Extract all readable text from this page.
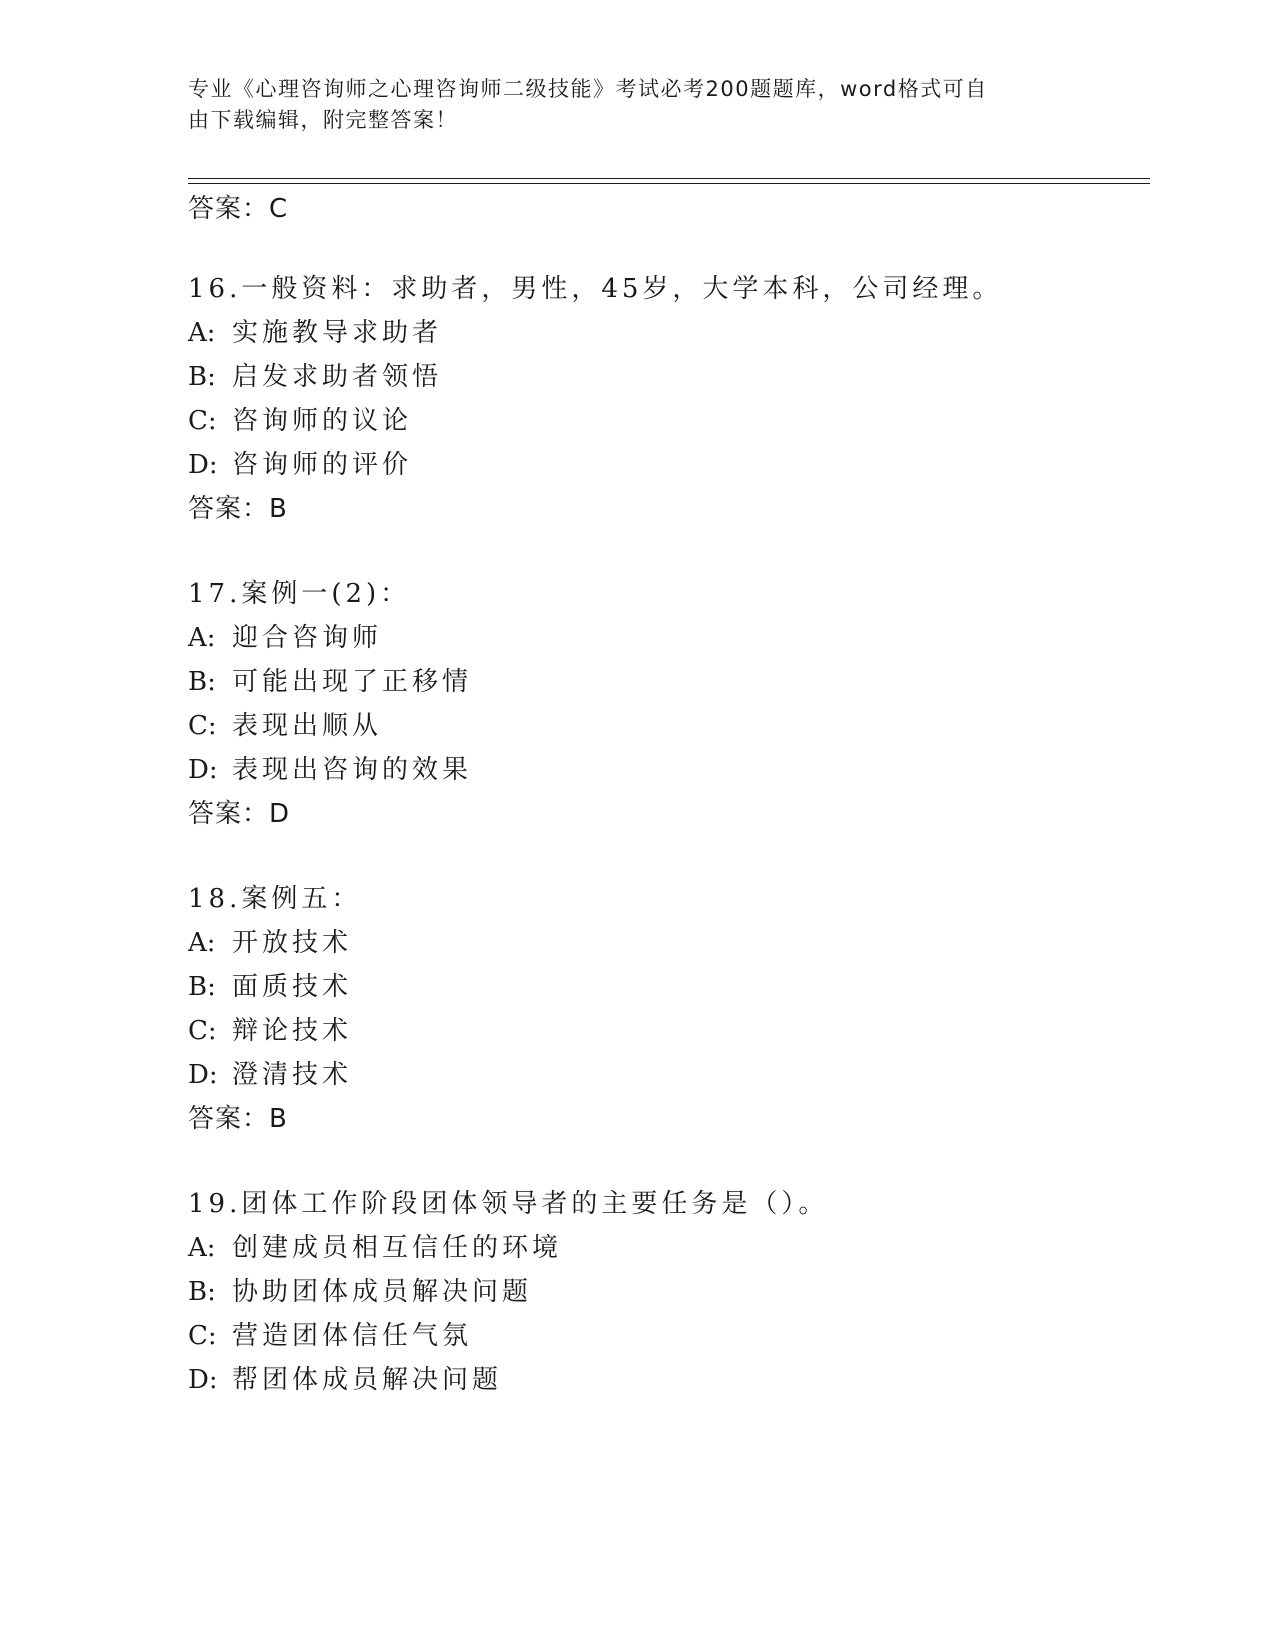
专业《心理咨询师之心理咨询师二级技能》考试必考200题题库，word格式可自
由下载编辑，附完整答案！
答案：C
16.一般资料：求助者，男性，45岁，大学本科，公司经理。
A: 实施教导求助者
B: 启发求助者领悟
C: 咨询师的议论
D: 咨询师的评价
答案：B
17.案例一(2)：
A: 迎合咨询师
B: 可能出现了正移情
C: 表现出顺从
D: 表现出咨询的效果
答案：D
18.案例五：
A: 开放技术
B: 面质技术
C: 辩论技术
D: 澄清技术
答案：B
19.团体工作阶段团体领导者的主要任务是（）。
A: 创建成员相互信任的环境
B: 协助团体成员解决问题
C: 营造团体信任气氛
D: 帮团体成员解决问题
